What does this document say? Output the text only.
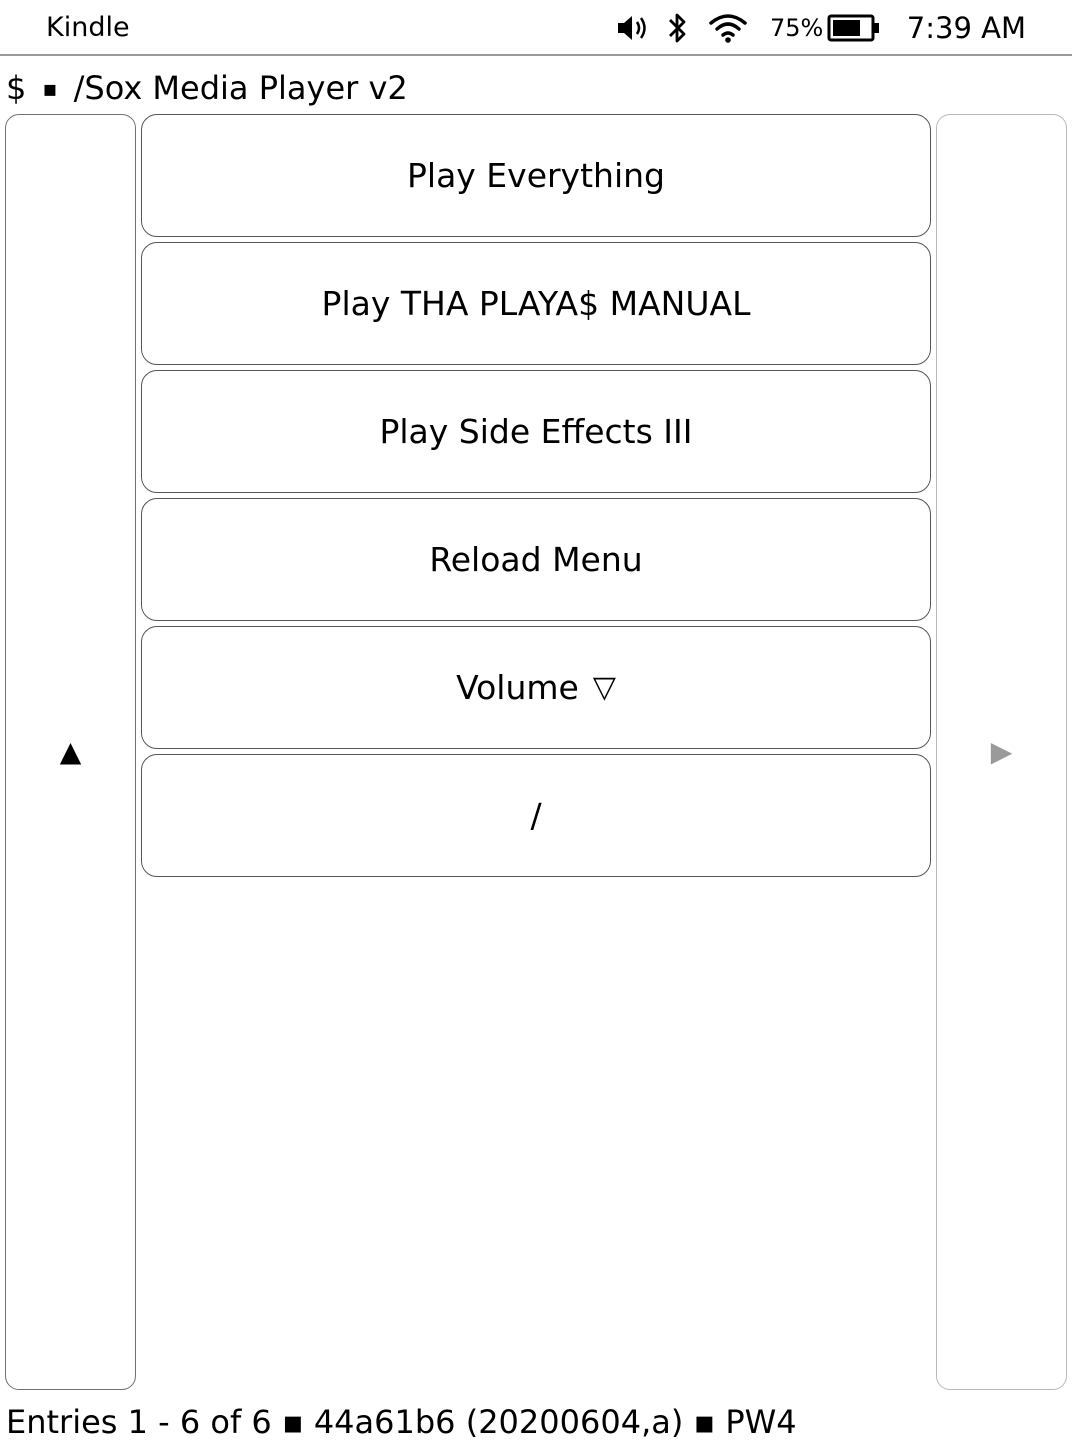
Kindle	75%	7:39 AM
$ ▪ /Sox Media Player v2
▲
Play Everything
Play THA PLAYA$ MANUAL
Play Side Effects III
Reload Menu
Volume ▽
/
▶
Entries 1 - 6 of 6 ▪ 44a61b6 (20200604,a) ▪ PW4
